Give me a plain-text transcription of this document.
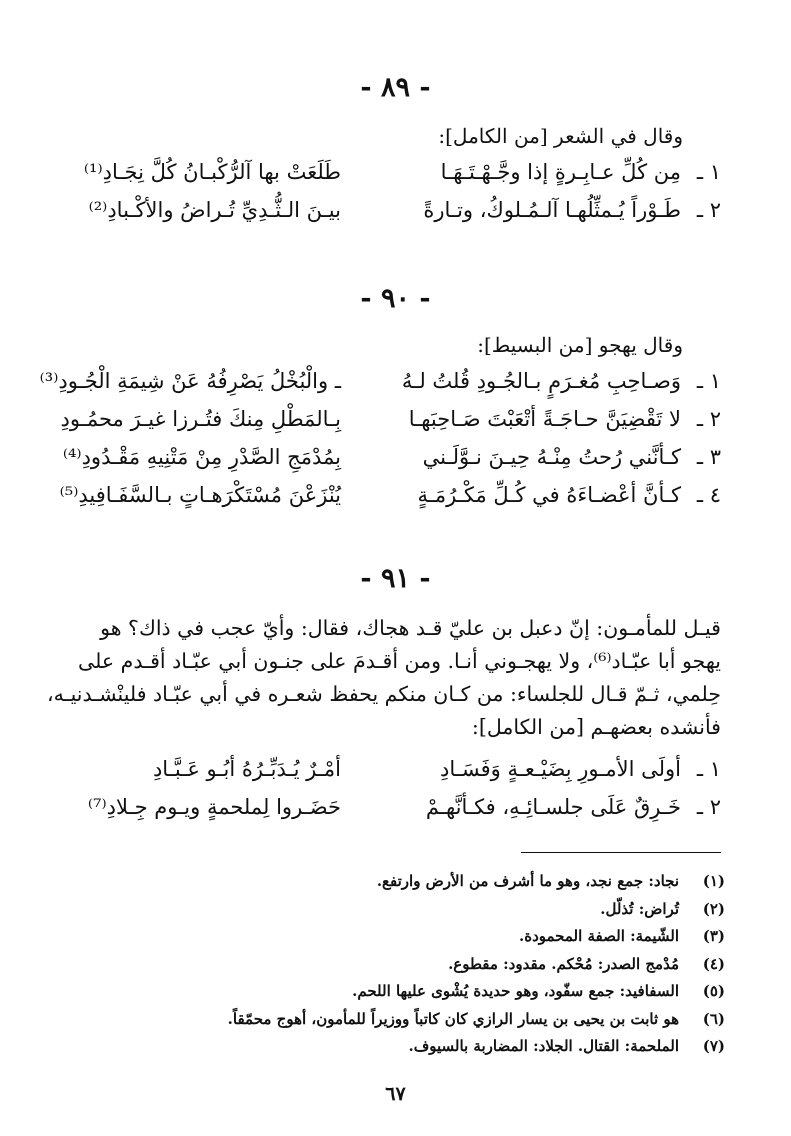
- ٨٩ -
وقال في الشعر [من الكامل]:
١ ـ
مِن كُلِّ عـابِـرةٍ إذا وجَّـهْـتَـهَـا
طَلَعَتْ بها آلرُّكْبـانُ كُلَّ نِجَـادِ⁽¹⁾
٢ ـ
طَـوْراً يُـمثِّلُهـا آلـمُـلوكُ، وتـارةً
بيـنَ الـثُّـدِيِّ تُـراضُ والأكْـبادِ⁽²⁾
- ٩٠ -
وقال يهجو [من البسيط]:
١ ـ
وَصـاحِبِ مُغـرَمٍ بـالجُـودِ قُلتُ لـهُ
ـ والْبُخْلُ يَصْرِفُهُ عَنْ شِيمَةِ الْجُـودِ⁽³⁾
٢ ـ
لا تَقْضِيَنَّ حـاجَـةً أتْعَبْتَ صَـاحِبَهـا
بِـالمَطْلِ مِنكَ فتُـرزا غيـرَ محمُـودِ
٣ ـ
كـأنَّني رُحتُ مِنْـهُ حِيـنَ نـوَّلَـني
بِمُدْمَجِ الصَّدْرِ مِنْ مَتْنِيهِ مَقْـدُودِ⁽⁴⁾
٤ ـ
كـأنَّ أعْضـاءَهُ في كُـلِّ مَكْـرُمَـةٍ
يُنْزَعْنَ مُسْتَكْرَهـاتٍ بـالسَّفَـافِيدِ⁽⁵⁾
- ٩١ -
قيـل للمأمـون: إنّ دعبل بن عليّ قـد هجاك، فقال: وأيّ عجب في ذاك؟ هو
يهجو أبا عبّـاد⁽⁶⁾، ولا يهجـوني أنـا. ومن أقـدمَ على جنـون أبي عبّـاد أقـدم على
حِلمي، ثـمّ قـال للجلساء: من كـان منكم يحفظ شعـره في أبي عبّـاد فلينْشـدنيـه،
فأنشده بعضهـم [من الكامل]:
١ ـ
أولَى الأمـورِ بِضَيْـعـةٍ وَفَسَـادِ
أمْـرٌ يُـدَبِّـرُهُ أبُـو عَـبَّـادِ
٢ ـ
خَـرِقٌ عَلَى جلسـائِـهِ، فكـأنَّهـمْ
حَضَـروا لِملحمةٍ ويـوم جِـلادِ⁽⁷⁾
(١)
نجاد: جمع نجد، وهو ما أشرف من الأرض وارتفع.
(٢)
تُراض: تُذلّل.
(٣)
الشّيمة: الصفة المحمودة.
(٤)
مُدْمج الصدر: مُحْكم. مقدود: مقطوع.
(٥)
السفافيد: جمع سفّود، وهو حديدة يُشْوى عليها اللحم.
(٦)
هو ثابت بن يحيى بن يسار الرازي كان كاتباً ووزيراً للمأمون، أهوج محمّقاً.
(٧)
الملحمة: القتال. الجلاد: المضاربة بالسيوف.
٦٧
